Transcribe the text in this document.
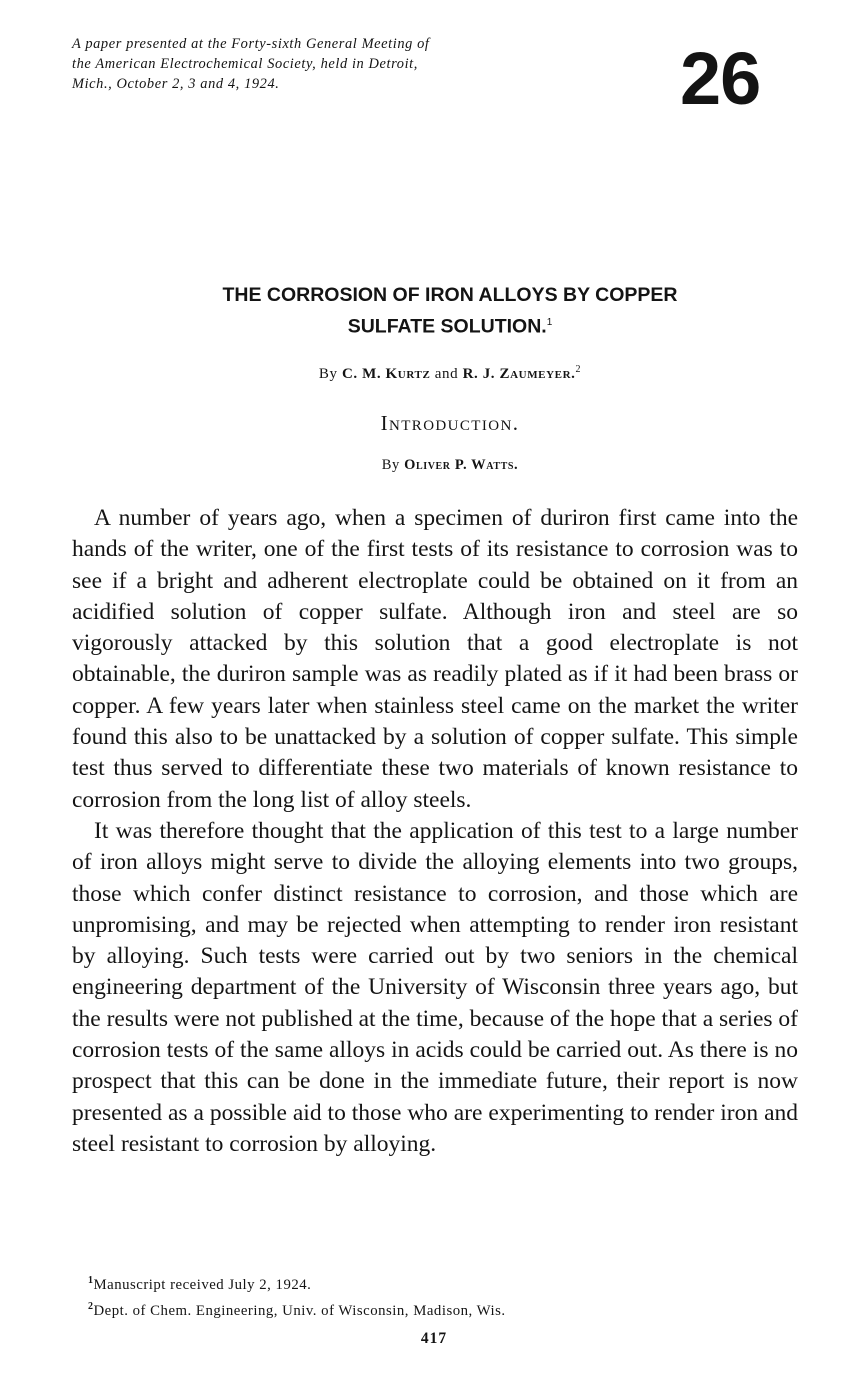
A paper presented at the Forty-sixth General Meeting of the American Electrochemical Society, held in Detroit, Mich., October 2, 3 and 4, 1924.	26
THE CORROSION OF IRON ALLOYS BY COPPER
SULFATE SOLUTION.$^1$
By C. M. Kurtz and R. J. Zaumeyer.$^2$
Introduction.
By Oliver P. Watts.

A number of years ago, when a specimen of duriron first came into the hands of the writer, one of the first tests of its resistance to corrosion was to see if a bright and adherent electroplate could be obtained on it from an acidified solution of copper sulfate. Although iron and steel are so vigorously attacked by this solution that a good electroplate is not obtainable, the duriron sample was as readily plated as if it had been brass or copper. A few years later when stainless steel came on the market the writer found this also to be unattacked by a solution of copper sulfate. This simple test thus served to differentiate these two materials of known resistance to corrosion from the long list of alloy steels.

It was therefore thought that the application of this test to a large number of iron alloys might serve to divide the alloying elements into two groups, those which confer distinct resistance to corrosion, and those which are unpromising, and may be rejected when attempting to render iron resistant by alloying. Such tests were carried out by two seniors in the chemical engineering department of the University of Wisconsin three years ago, but the results were not published at the time, because of the hope that a series of corrosion tests of the same alloys in acids could be carried out. As there is no prospect that this can be done in the immediate future, their report is now presented as a possible aid to those who are experimenting to render iron and steel resistant to corrosion by alloying.

$^1$Manuscript received July 2, 1924.
$^2$Dept. of Chem. Engineering, Univ. of Wisconsin, Madison, Wis.
417
